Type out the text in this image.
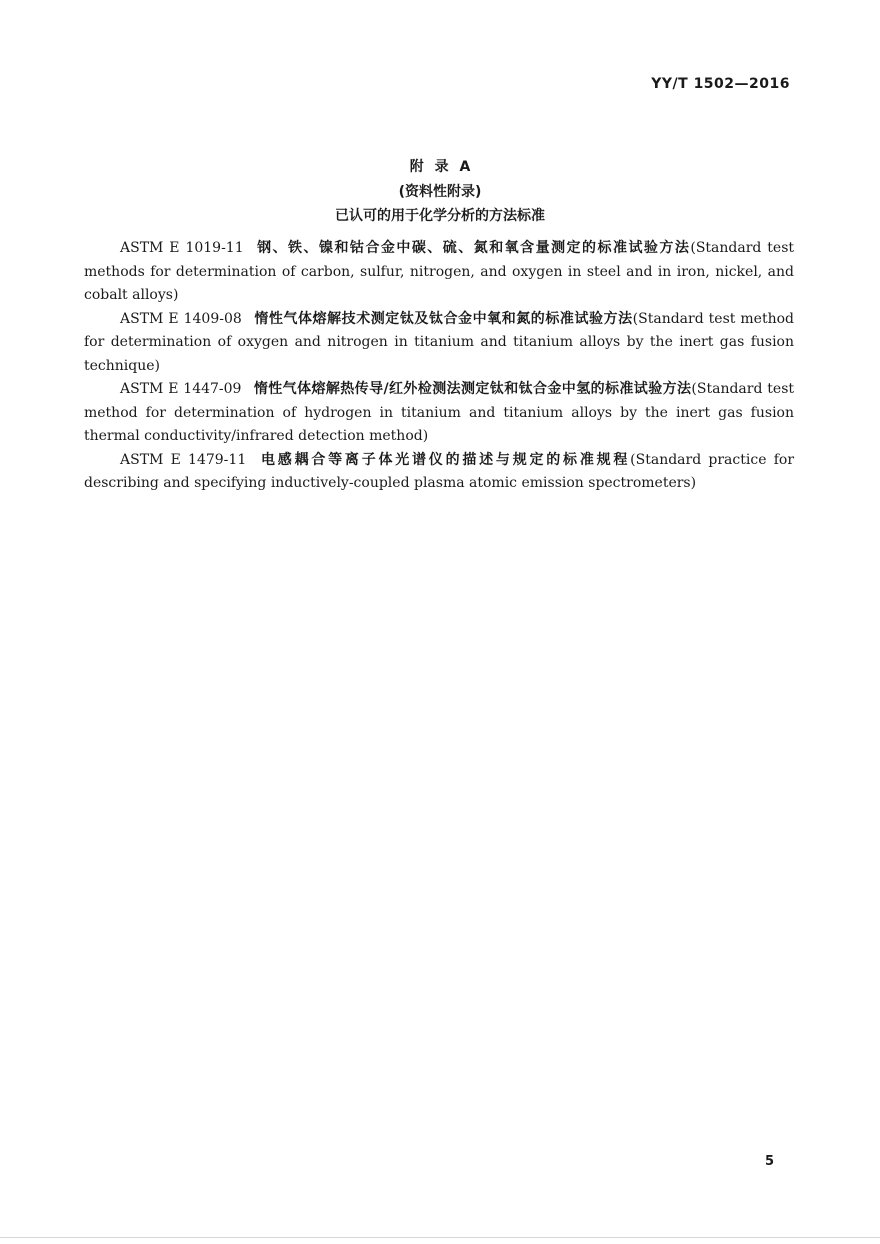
YY/T 1502—2016
附 录 A
(资料性附录)
已认可的用于化学分析的方法标准

ASTM E 1019-11 钢、铁、镍和钴合金中碳、硫、氮和氧含量测定的标准试验方法(Standard test methods for determination of carbon, sulfur, nitrogen, and oxygen in steel and in iron, nickel, and cobalt alloys)

ASTM E 1409-08 惰性气体熔解技术测定钛及钛合金中氧和氮的标准试验方法(Standard test method for determination of oxygen and nitrogen in titanium and titanium alloys by the inert gas fusion technique)

ASTM E 1447-09 惰性气体熔解热传导/红外检测法测定钛和钛合金中氢的标准试验方法(Standard test method for determination of hydrogen in titanium and titanium alloys by the inert gas fusion thermal conductivity/infrared detection method)

ASTM E 1479-11 电感耦合等离子体光谱仪的描述与规定的标准规程(Standard practice for describing and specifying inductively-coupled plasma atomic emission spectrometers)

5
